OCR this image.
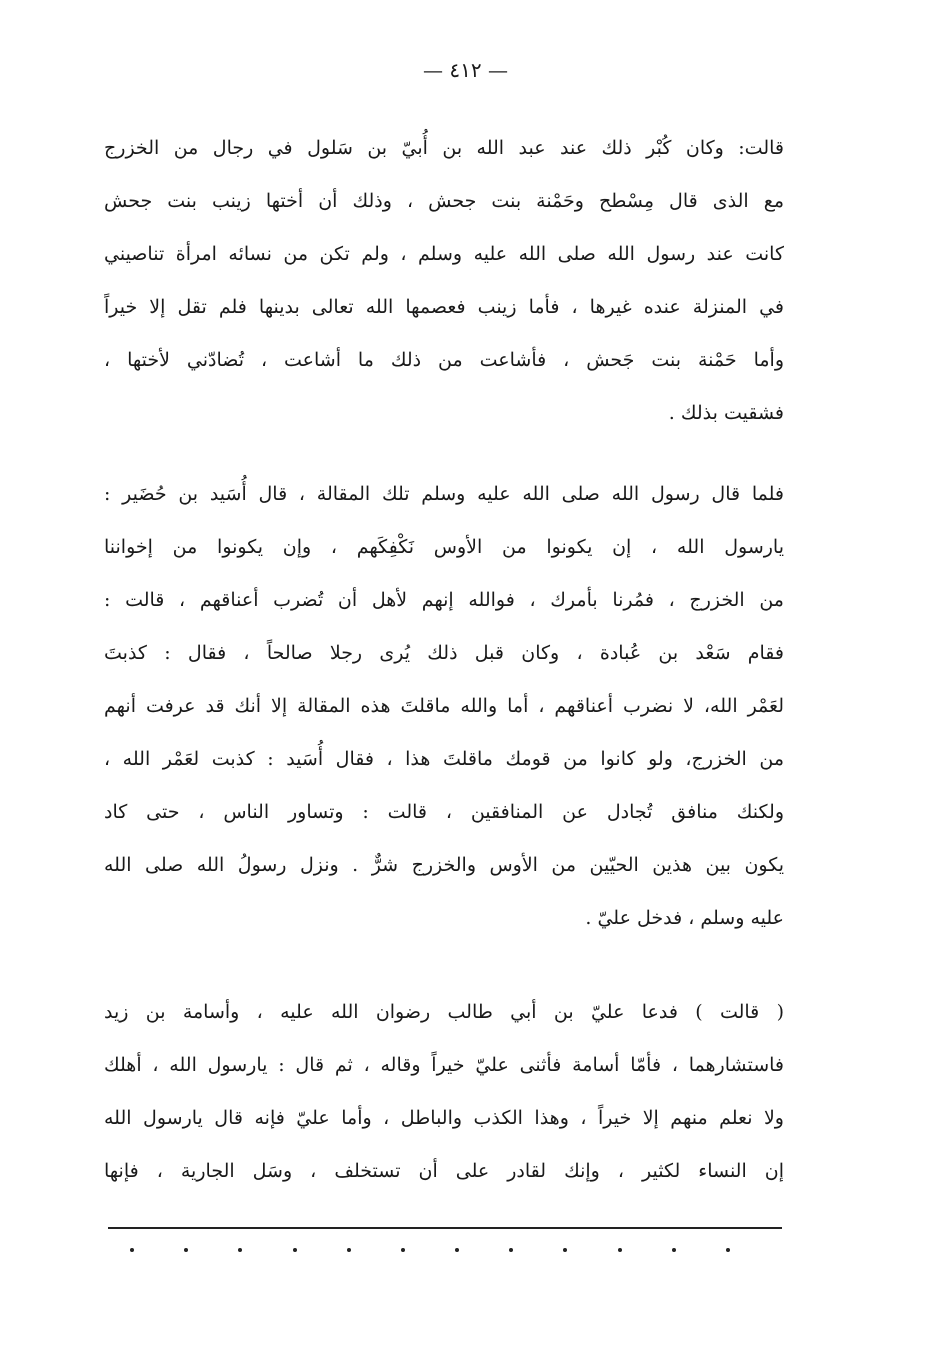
— ٤١٢ —
قالت: وكان كُبْر ذلك عند عبد الله بن أُبيّ بن سَلول في رجال من الخزرج
مع الذى قال مِسْطح وحَمْنة بنت جحش ، وذلك أن أختها زينب بنت جحش
كانت عند رسول الله صلى الله عليه وسلم ، ولم تكن من نسائه امرأة تناصيني
في المنزلة عنده غيرها ، فأما زينب فعصمها الله تعالى بدينها فلم تقل إلا خيراً
وأما حَمْنة بنت جَحش ، فأشاعت من ذلك ما أشاعت ، تُضادّني لأختها ،
فشقيت بذلك .
فلما قال رسول الله صلى الله عليه وسلم تلك المقالة ، قال أُسَيد بن حُضَير :
يارسول الله ، إن يكونوا من الأوس نَكْفِكَهم ، وإن يكونوا من إخواننا
من الخزرج ، فمُرنا بأمرك ، فوالله إنهم لأهل أن تُضرب أعناقهم ، قالت :
فقام سَعْد بن عُبادة ، وكان قبل ذلك يُرى رجلا صالحاً ، فقال : كذبتَ
لعَمْر الله، لا نضرب أعناقهم ، أما والله ماقلتَ هذه المقالة إلا أنك قد عرفت أنهم
من الخزرج، ولو كانوا من قومك ماقلتَ هذا ، فقال أُسَيد : كذبت لعَمْر الله ،
ولكنك منافق تُجادل عن المنافقين ، قالت : وتساور الناس ، حتى كاد
يكون بين هذين الحيّين من الأوس والخزرج شرٌّ . ونزل رسولُ الله صلى الله
عليه وسلم ، فدخل عليّ .
( قالت ) فدعا عليّ بن أبي طالب رضوان الله عليه ، وأسامة بن زيد
فاستشارهما ، فأمّا أسامة فأثنى عليّ خيراً وقاله ، ثم قال : يارسول الله ، أهلك
ولا نعلم منهم إلا خيراً ، وهذا الكذب والباطل ، وأما عليّ فإنه قال يارسول الله
إن النساء لكثير ، وإنك لقادر على أن تستخلف ، وسَل الجارية ، فإنها
